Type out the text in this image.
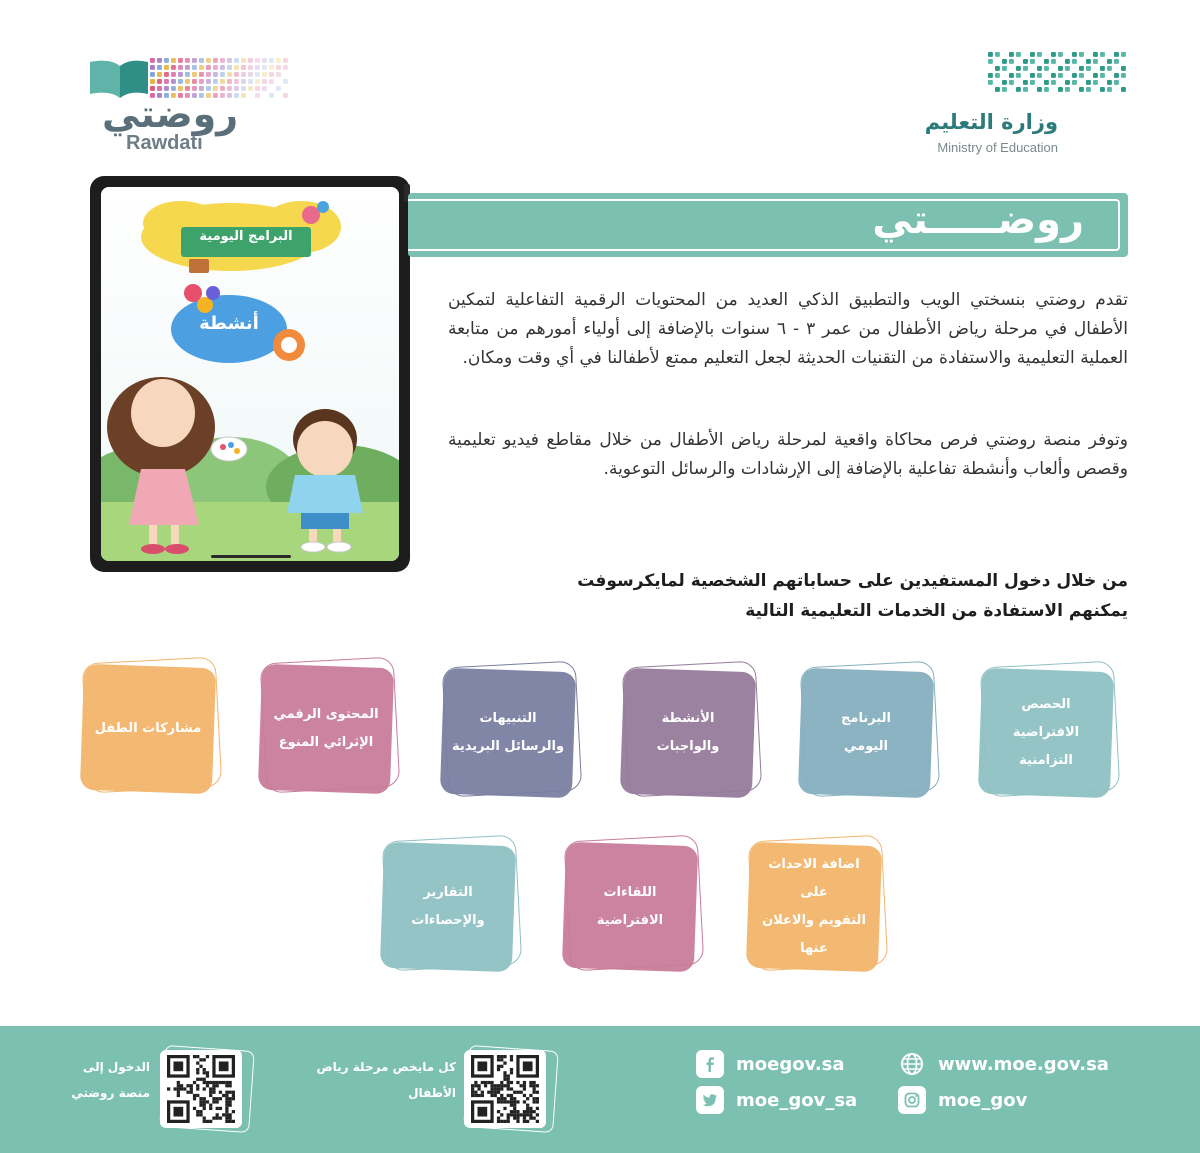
روضتي
Rawdati
وزارة التعليم
Ministry of Education
البرامج اليومية
أنشطة
روضـــــتي

تقدم روضتي بنسختي الويب والتطبيق الذكي العديد من المحتويات الرقمية التفاعلية لتمكين الأطفال في مرحلة رياض الأطفال من عمر ٣ - ٦ سنوات بالإضافة إلى أولياء أمورهم من متابعة العملية التعليمية والاستفادة من التقنيات الحديثة لجعل التعليم ممتع لأطفالنا في أي وقت ومكان.

وتوفر منصة روضتي فرص محاكاة واقعية لمرحلة رياض الأطفال من خلال مقاطع فيديو تعليمية وقصص وألعاب وأنشطة تفاعلية بالإضافة إلى الإرشادات والرسائل التوعوية.

من خلال دخول المستفيدين على حساباتهم الشخصية لمايكرسوفت
يمكنهم الاستفادة من الخدمات التعليمية التالية
الحصص
الافتراضية التزامنية
البرنامج
اليومي
الأنشطة
والواجبات
التنبيهات
والرسائل البريدية
المحتوى الرقمي
الإثرائي المنوع
مشاركات الطفل
اضافة الاحداث على
التقويم والاعلان عنها
اللقاءات
الافتراضية
التقارير
والإحصاءات
الدخول إلى
منصة روضتي
كل مايخص مرحلة رياض
الأطفال
moegov.sa
moe_gov_sa
www.moe.gov.sa
moe_gov
